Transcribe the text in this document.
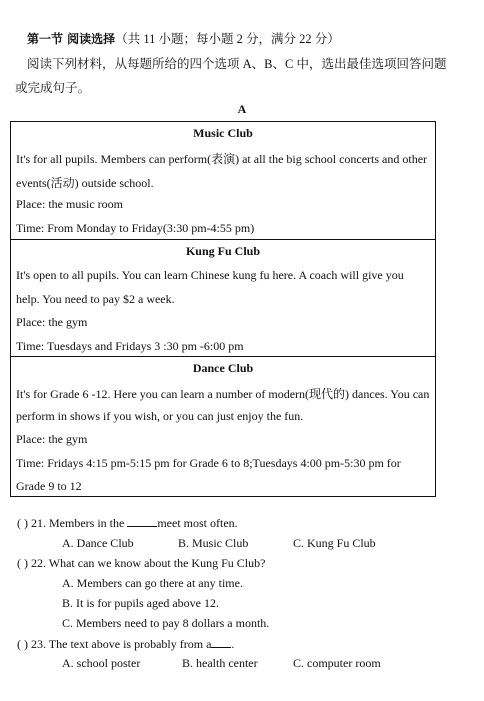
第一节 阅读选择（共 11 小题；每小题 2 分，满分 22 分）
阅读下列材料，从每题所给的四个选项 A、B、C 中，选出最佳选项回答问题
或完成句子。
A
Music Club
It's for all pupils. Members can perform(表演) at all the big school concerts and other
events(活动) outside school.
Place: the music room
Time: From Monday to Friday(3:30 pm-4:55 pm)
Kung Fu Club
It's open to all pupils. You can learn Chinese kung fu here. A coach will give you
help. You need to pay $2 a week.
Place: the gym
Time: Tuesdays and Fridays 3 :30 pm -6:00 pm
Dance Club
It's for Grade 6 -12. Here you can learn a number of modern(现代的) dances. You can
perform in shows if you wish, or you can just enjoy the fun.
Place: the gym
Time: Fridays 4:15 pm-5:15 pm for Grade 6 to 8;Tuesdays 4:00 pm-5:30 pm for
Grade 9 to 12
( ) 21. Members in the	meet most often.
A. Dance Club	B. Music Club	C. Kung Fu Club
( ) 22. What can we know about the Kung Fu Club?
A. Members can go there at any time.
B. It is for pupils aged above 12.
C. Members need to pay 8 dollars a month.
( ) 23. The text above is probably from a .
A. school poster	B. health center	C. computer room
